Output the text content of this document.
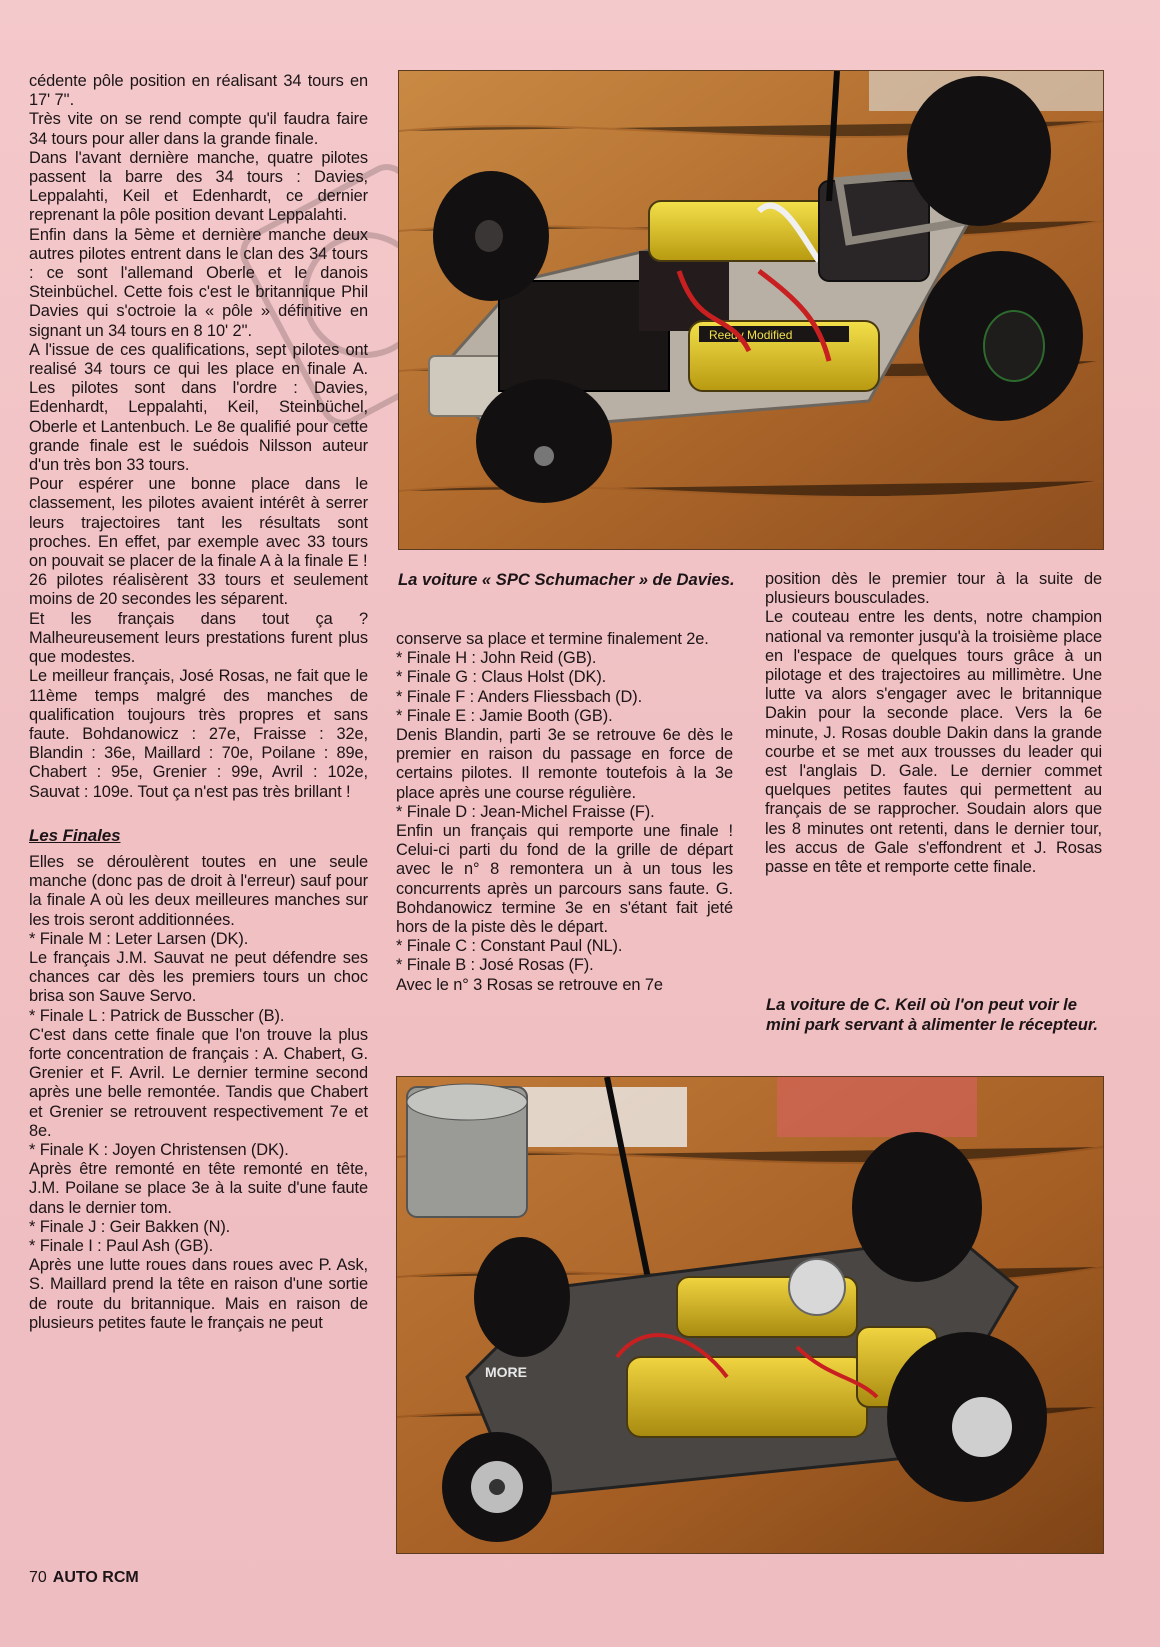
cédente pôle position en réalisant 34 tours en 17' 7''.

Très vite on se rend compte qu'il faudra faire 34 tours pour aller dans la grande finale.

Dans l'avant dernière manche, quatre pilotes passent la barre des 34 tours : Davies, Leppalahti, Keil et Edenhardt, ce dernier reprenant la pôle position devant Leppalahti.

Enfin dans la 5ème et dernière manche deux autres pilotes entrent dans le clan des 34 tours : ce sont l'allemand Oberle et le danois Steinbüchel. Cette fois c'est le britannique Phil Davies qui s'octroie la « pôle » définitive en signant un 34 tours en 8 10' 2''.

A l'issue de ces qualifications, sept pilotes ont realisé 34 tours ce qui les place en finale A. Les pilotes sont dans l'ordre : Davies, Edenhardt, Leppalahti, Keil, Steinbüchel, Oberle et Lantenbuch. Le 8e qualifié pour cette grande finale est le suédois Nilsson auteur d'un très bon 33 tours.

Pour espérer une bonne place dans le classement, les pilotes avaient intérêt à serrer leurs trajectoires tant les résultats sont proches. En effet, par exemple avec 33 tours on pouvait se placer de la finale A à la finale E !

26 pilotes réalisèrent 33 tours et seulement moins de 20 secondes les séparent.

Et les français dans tout ça ? Malheureusement leurs prestations furent plus que modestes.

Le meilleur français, José Rosas, ne fait que le 11ème temps malgré des manches de qualification toujours très propres et sans faute. Bohdanowicz : 27e, Fraisse : 32e, Blandin : 36e, Maillard : 70e, Poilane : 89e, Chabert : 95e, Grenier : 99e, Avril : 102e, Sauvat : 109e. Tout ça n'est pas très brillant !

Les Finales

Elles se déroulèrent toutes en une seule manche (donc pas de droit à l'erreur) sauf pour la finale A où les deux meilleures manches sur les trois seront additionnées.

* Finale M : Leter Larsen (DK).

Le français J.M. Sauvat ne peut défendre ses chances car dès les premiers tours un choc brisa son Sauve Servo.

* Finale L : Patrick de Busscher (B).

C'est dans cette finale que l'on trouve la plus forte concentration de français : A. Chabert, G. Grenier et F. Avril. Le dernier termine second après une belle remontée. Tandis que Chabert et Grenier se retrouvent respectivement 7e et 8e.

* Finale K : Joyen Christensen (DK).

Après être remonté en tête remonté en tête, J.M. Poilane se place 3e à la suite d'une faute dans le dernier tom.

* Finale J : Geir Bakken (N).

* Finale I : Paul Ash (GB).

Après une lutte roues dans roues avec P. Ask, S. Maillard prend la tête en raison d'une sortie de route du britannique. Mais en raison de plusieurs petites faute le français ne peut

Reedy Modified
La voiture « SPC Schumacher » de Davies.
La voiture de C. Keil où l'on peut voir le mini park servant à alimenter le récepteur.

conserve sa place et termine finalement 2e.

* Finale H : John Reid (GB).

* Finale G : Claus Holst (DK).

* Finale F : Anders Fliessbach (D).

* Finale E : Jamie Booth (GB).

Denis Blandin, parti 3e se retrouve 6e dès le premier en raison du passage en force de certains pilotes. Il remonte toutefois à la 3e place après une course régulière.

* Finale D : Jean-Michel Fraisse (F).

Enfin un français qui remporte une finale ! Celui-ci parti du fond de la grille de départ avec le n° 8 remontera un à un tous les concurrents après un parcours sans faute. G. Bohdanowicz termine 3e en s'étant fait jeté hors de la piste dès le départ.

* Finale C : Constant Paul (NL).

* Finale B : José Rosas (F).

Avec le n° 3 Rosas se retrouve en 7e

position dès le premier tour à la suite de plusieurs bousculades.

Le couteau entre les dents, notre champion national va remonter jusqu'à la troisième place en l'espace de quelques tours grâce à un pilotage et des trajectoires au millimètre. Une lutte va alors s'engager avec le britannique Dakin pour la seconde place. Vers la 6e minute, J. Rosas double Dakin dans la grande courbe et se met aux trousses du leader qui est l'anglais D. Gale. Le dernier commet quelques petites fautes qui permettent au français de se rapprocher. Soudain alors que les 8 minutes ont retenti, dans le dernier tour, les accus de Gale s'effondrent et J. Rosas passe en tête et remporte cette finale.

MORE
70 AUTO RCM
